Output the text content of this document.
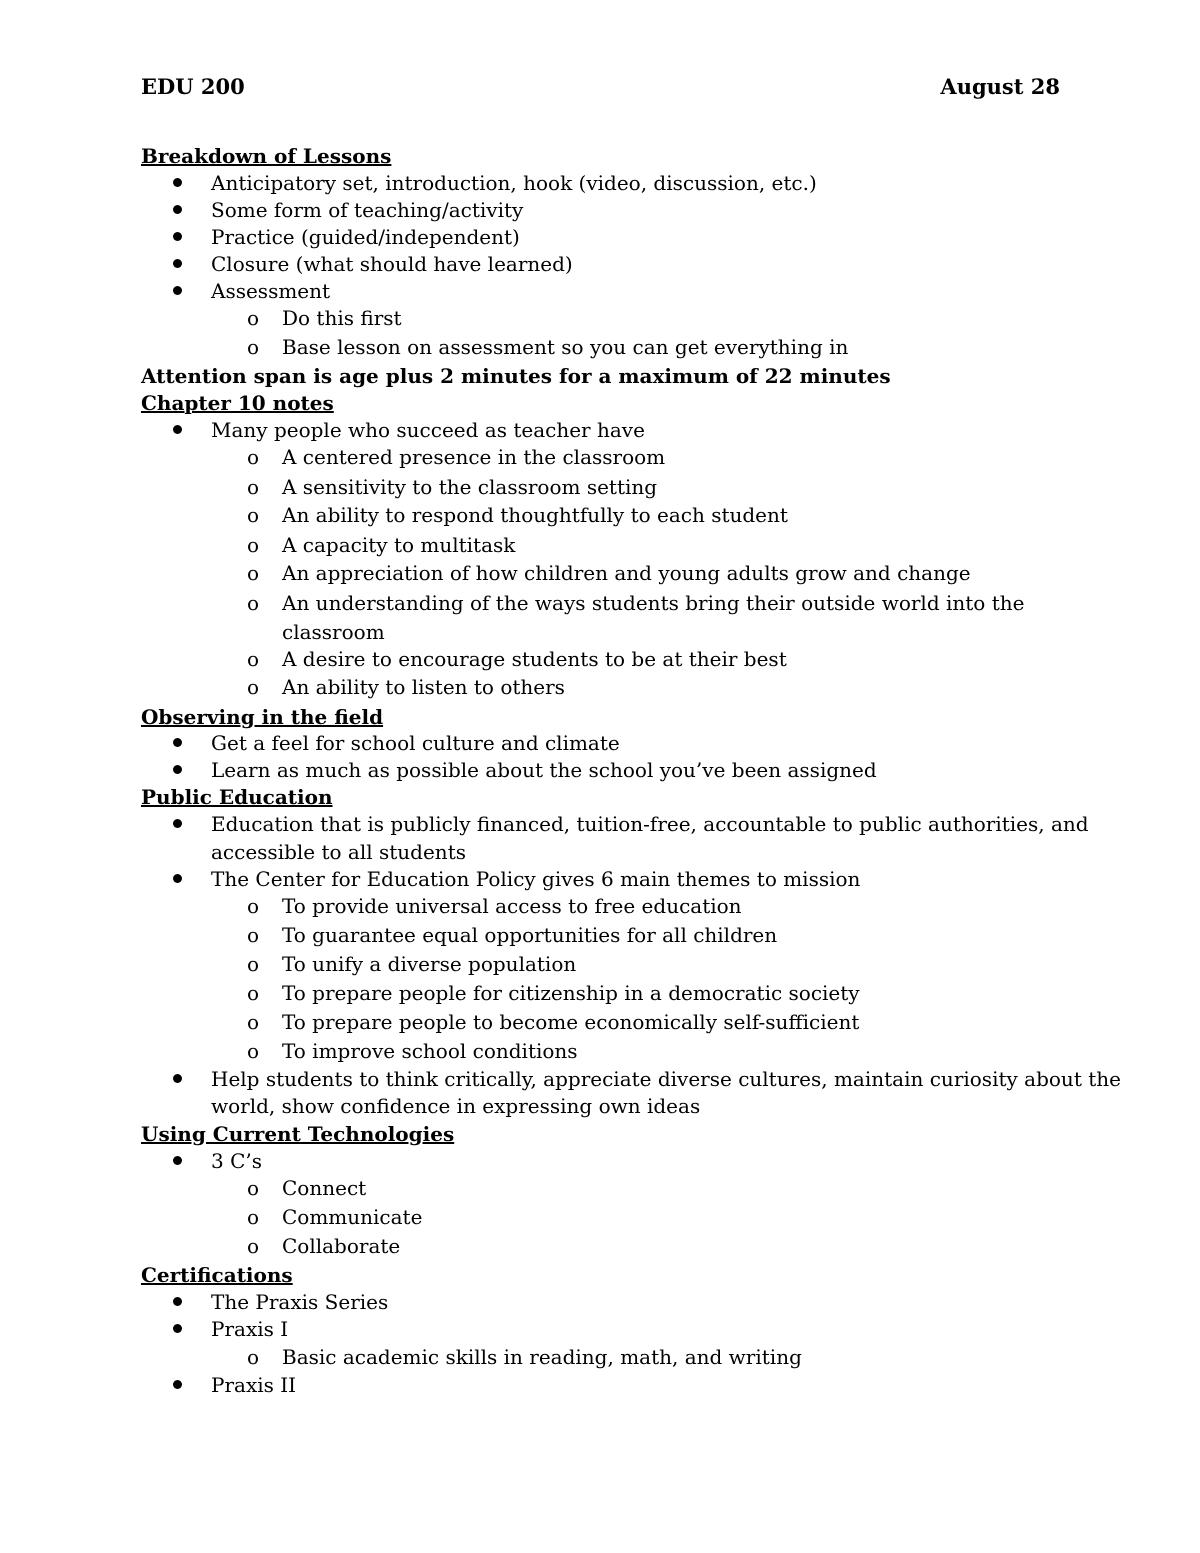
EDU 200	August 28
Breakdown of Lessons
Anticipatory set, introduction, hook (video, discussion, etc.)
Some form of teaching/activity
Practice (guided/independent)
Closure (what should have learned)
Assessment
o Do this first
o Base lesson on assessment so you can get everything in
Attention span is age plus 2 minutes for a maximum of 22 minutes
Chapter 10 notes
Many people who succeed as teacher have
o A centered presence in the classroom
o A sensitivity to the classroom setting
o An ability to respond thoughtfully to each student
o A capacity to multitask
o An appreciation of how children and young adults grow and change
o An understanding of the ways students bring their outside world into the
classroom
o A desire to encourage students to be at their best
o An ability to listen to others
Observing in the field
Get a feel for school culture and climate
Learn as much as possible about the school you’ve been assigned
Public Education
Education that is publicly financed, tuition-free, accountable to public authorities, and
accessible to all students
The Center for Education Policy gives 6 main themes to mission
o To provide universal access to free education
o To guarantee equal opportunities for all children
o To unify a diverse population
o To prepare people for citizenship in a democratic society
o To prepare people to become economically self-sufficient
o To improve school conditions
Help students to think critically, appreciate diverse cultures, maintain curiosity about the
world, show confidence in expressing own ideas
Using Current Technologies
3 C’s
o Connect
o Communicate
o Collaborate
Certifications
The Praxis Series
Praxis I
o Basic academic skills in reading, math, and writing
Praxis II
